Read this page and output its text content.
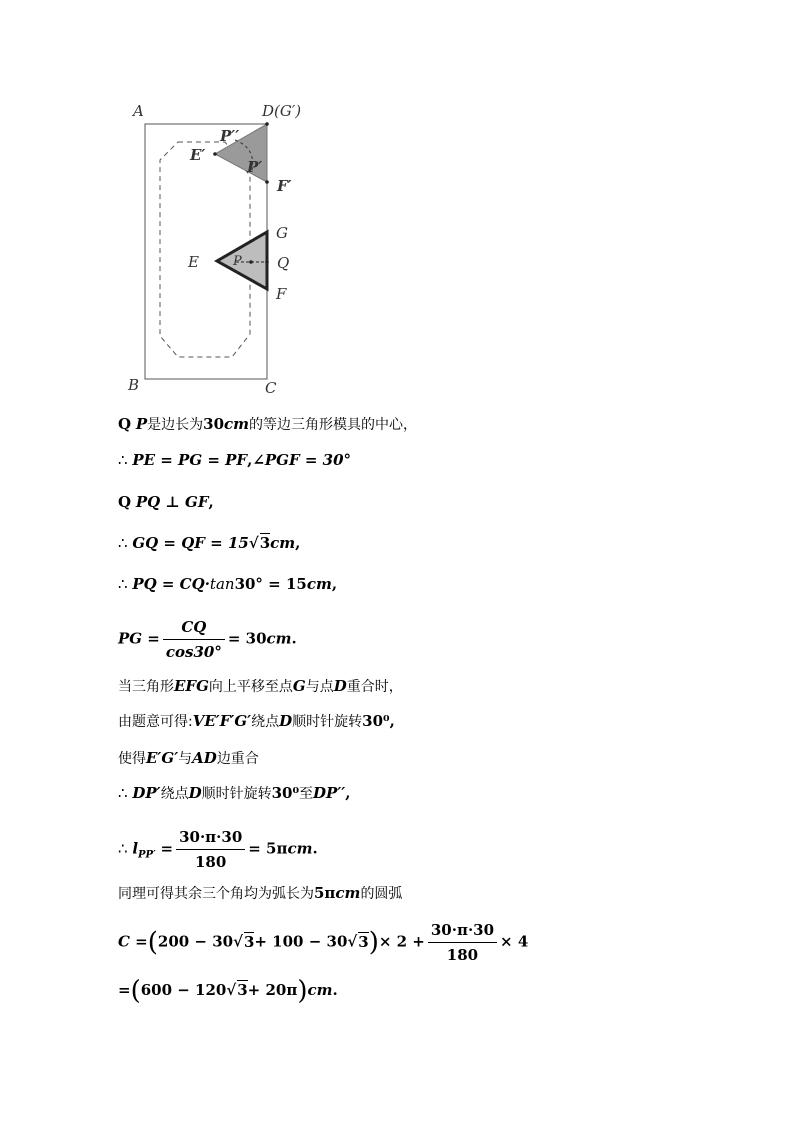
A	D(G′)
P′′
E′
P′
F′
G
E	P Q
F
B	C
Q P是边长为30cm的等边三角形模具的中心，
∴ PE = PG = PF,∠PGF = 30°
Q PQ ⊥ GF,
∴ GQ = QF = 15√3cm,
∴ PQ = CQ·tan30° = 15cm,
PG = $\frac{CQ}{\cos 30^\circ} = 30cm$.
当三角形EFG向上平移至点G与点D重合时，
由题意可得:VE′F′G′绕点D顺时针旋转30⁰,
使得E′G′与AD边重合
∴ DP′绕点D顺时针旋转30⁰至DP′′,
∴ $l_{PP'} = \frac{30\cdot\pi\cdot 30}{180} = 5\pi cm$.
同理可得其余三个角均为弧长为5πcm的圆弧
$C =(200 - 30√3+ 100 - 30√3)\times 2 + \frac{30\cdot\pi\cdot 30}{180} \times 4$
=(600 − 120√3+ 20π)cm.
